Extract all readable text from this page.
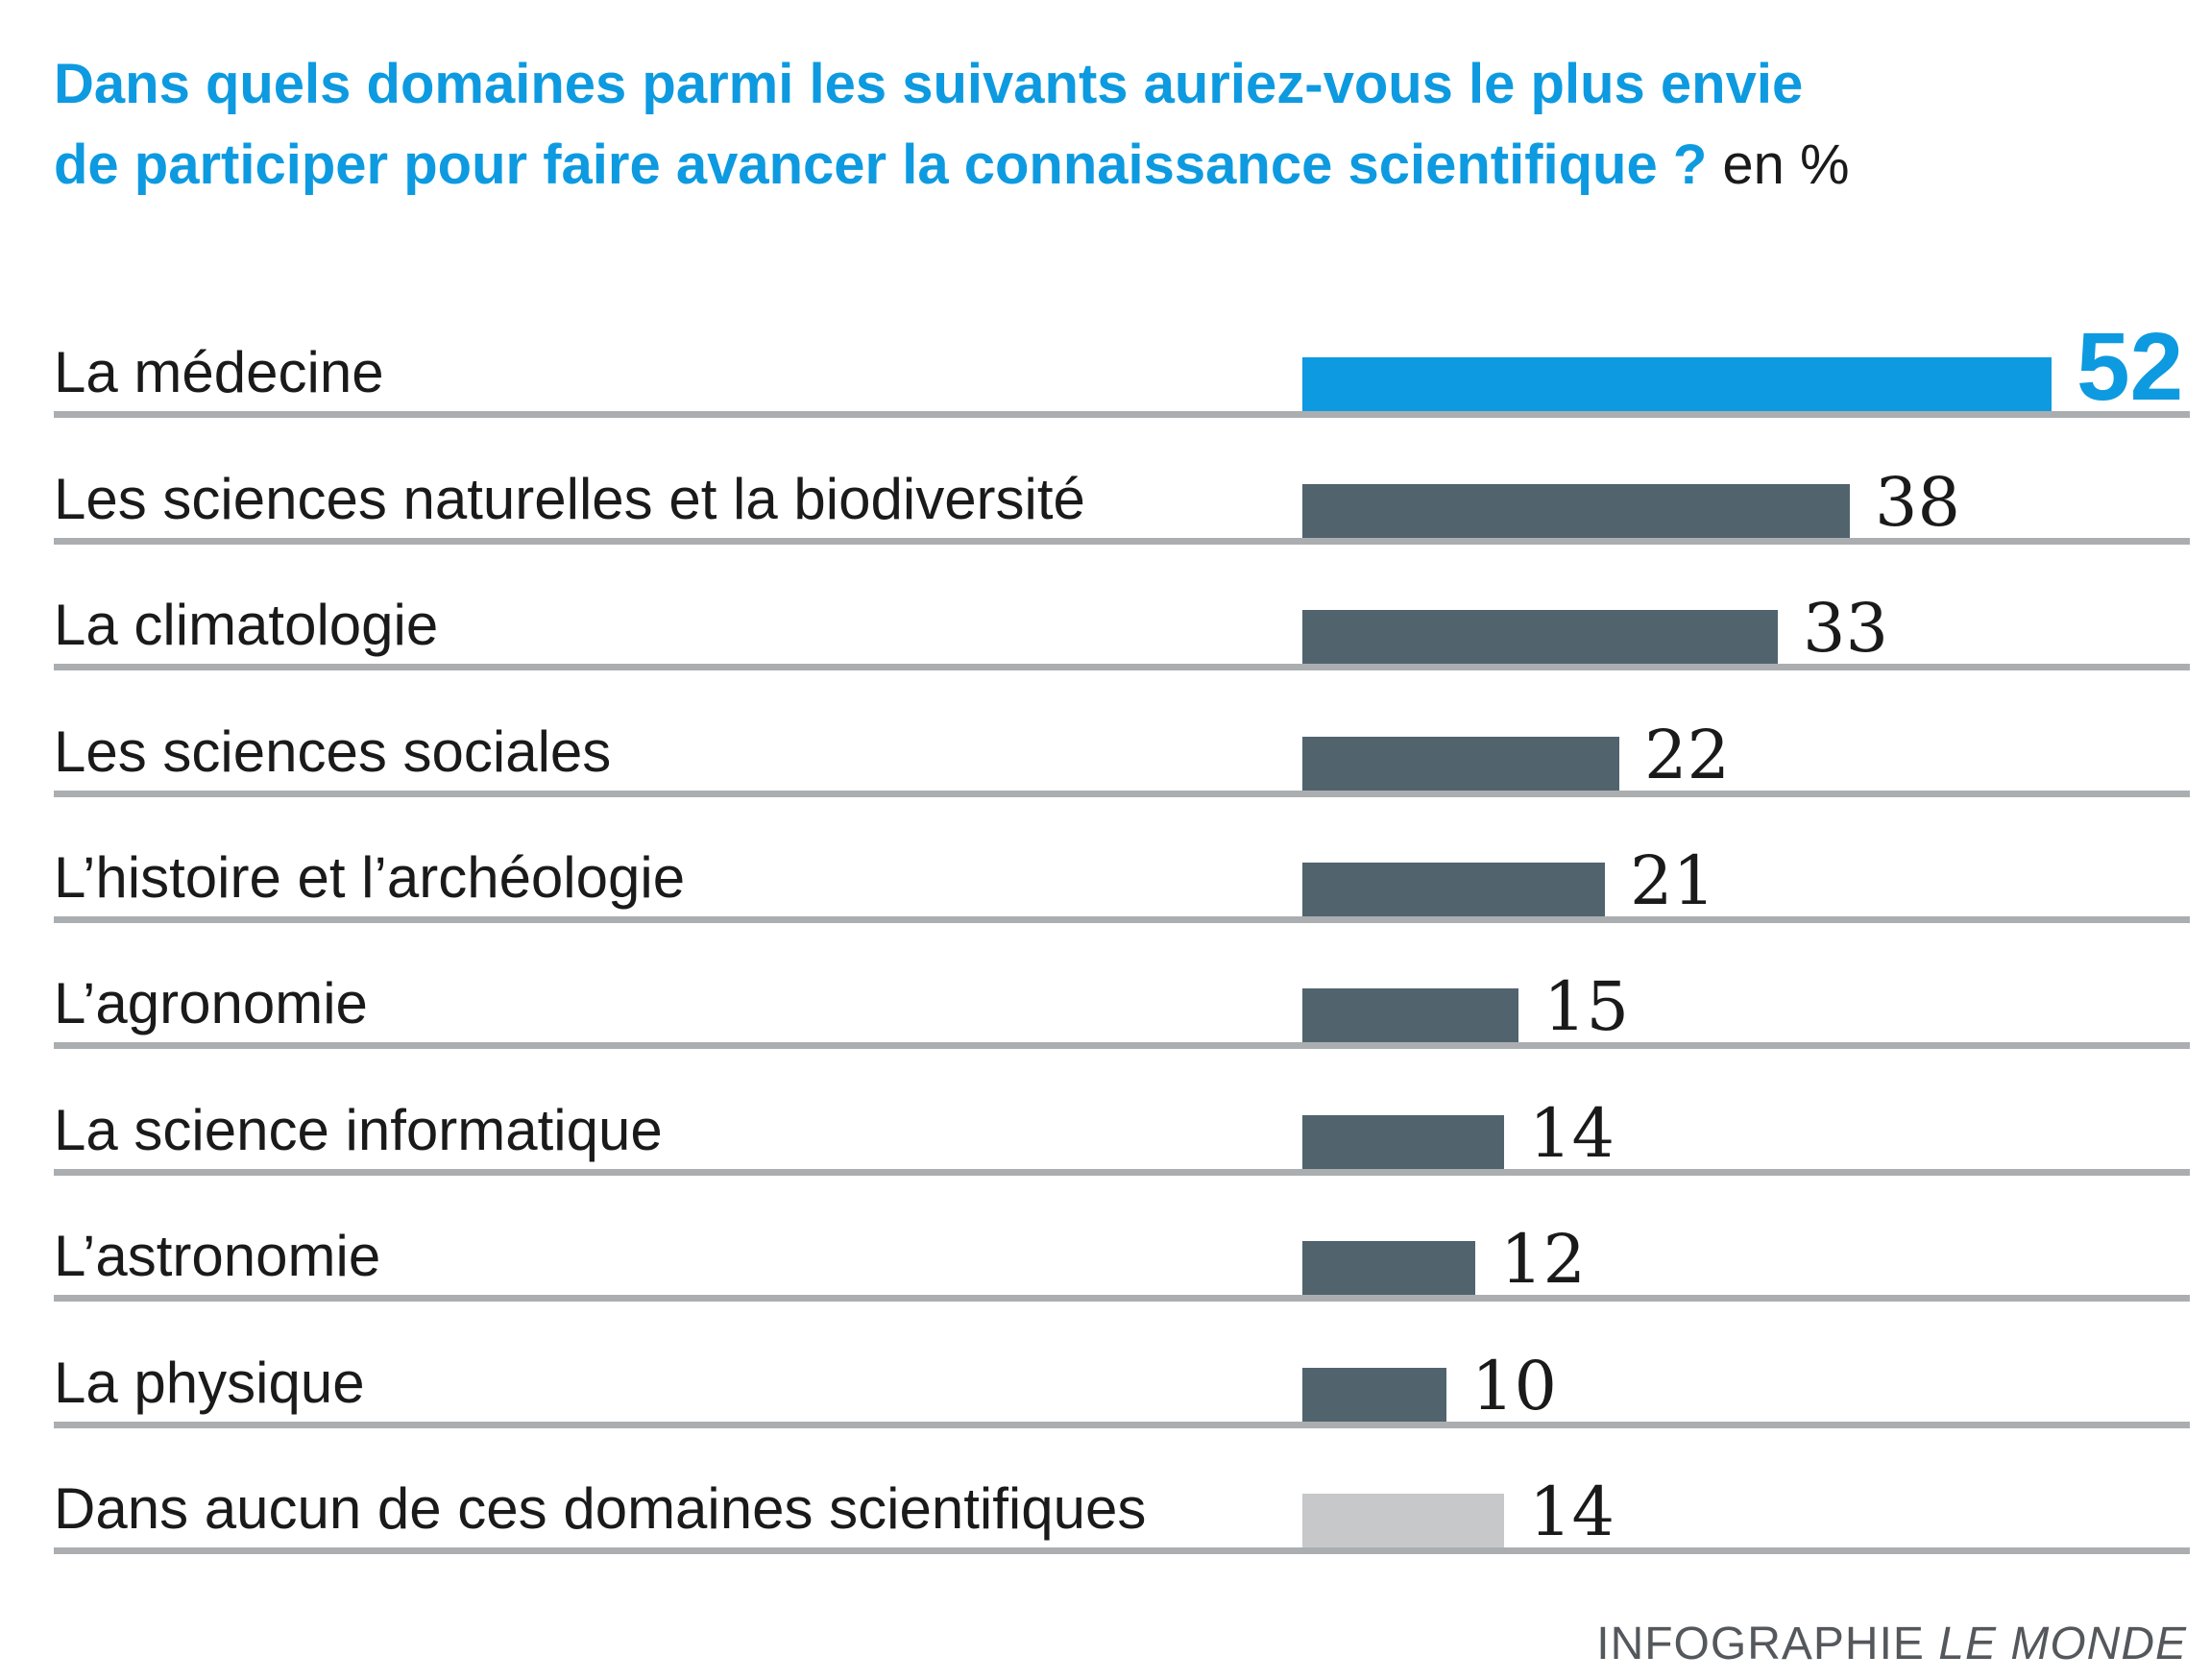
Dans quels domaines parmi les suivants auriez-vous le plus envie
de participer pour faire avancer la connaissance scientifique ? en %
La médecine	52
Les sciences naturelles et la biodiversité	38
La climatologie	33
Les sciences sociales	22
L’histoire et l’archéologie	21
L’agronomie	15
La science informatique	14
L’astronomie	12
La physique	10
Dans aucun de ces domaines scientifiques	14
INFOGRAPHIE LE MONDE
